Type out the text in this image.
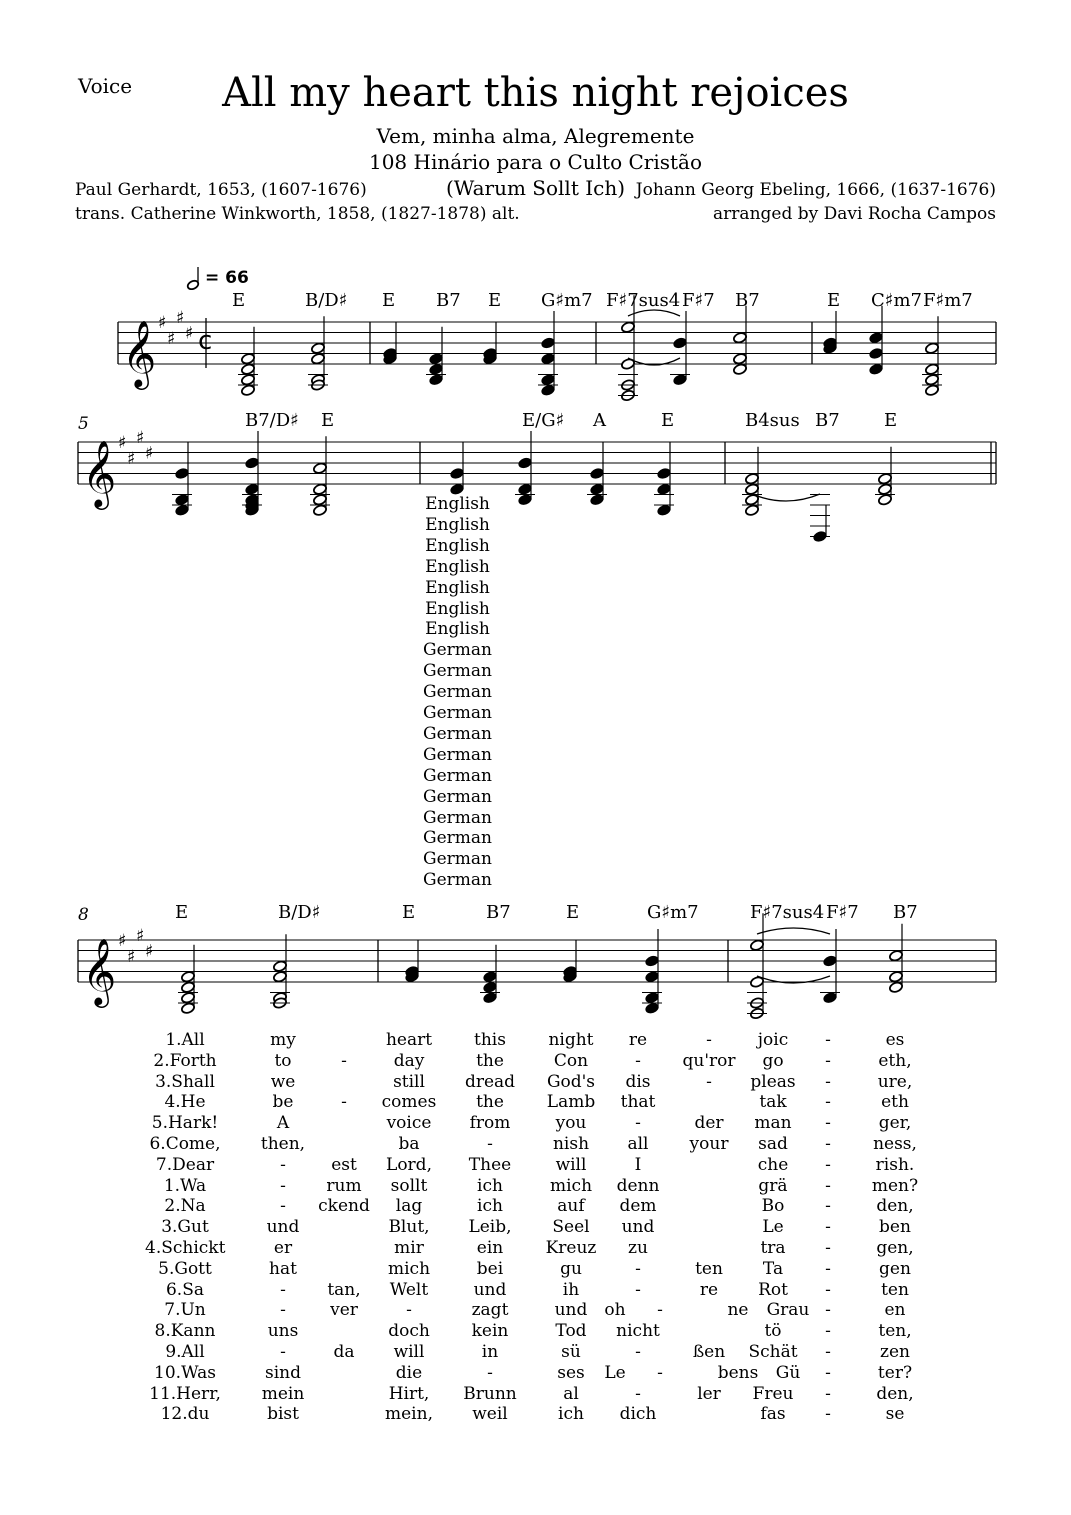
Voice	All my heart this night rejoices
Vem, minha alma, Alegremente
108 Hinário para o Culto Cristão
(Warum Sollt Ich)
Paul Gerhardt, 1653, (1607-1676)
trans. Catherine Winkworth, 1858, (1827-1878) alt.
Johann Georg Ebeling, 1666, (1637-1676)
arranged by Davi Rocha Campos
= 66
E	B/D♯ E B7 E G♯m7 F♯7sus4 F♯7 B7	E C♯m7 F♯m7
B7/D♯ E	E/G♯ A	E	B4sus B7 E
E	B/D♯	E	B7	E	G♯m7	F♯7sus4 F♯7 B7
5
8
𝄞 ♯
♯
♯
♯ c
𝄞 ♯
♯
♯
♯
𝄞 ♯
♯
♯
♯
English
English
English
English
English
English
English
German
German
German
German
German
German
German
German
German
German
German
German
1.All	my	heart	this	night	re	-	joic	-	es
2.Forth	to	-	day	the	Con	-	qu'ror	go	-	eth,
3.Shall	we	still	dread	God's	dis	-	pleas	-	ure,
4.He	be	-	comes	the	Lamb	that	tak	-	eth
5.Hark!	A	voice	from	you	-	der	man	-	ger,
6.Come,	then,	ba	-	nish	all	your	sad	-	ness,
7.Dear	-	est	Lord,	Thee	will	I	che	-	rish.
1.Wa	-	rum	sollt	ich	mich	denn	grä	-	men?
2.Na	-	ckend	lag	ich	auf	dem	Bo	-	den,
3.Gut	und	Blut,	Leib,	Seel	und	Le	-	ben
4.Schickt	er	mir	ein	Kreuz	zu	tra	-	gen,
5.Gott	hat	mich	bei	gu	-	ten	Ta	-	gen
6.Sa	-	tan,	Welt	und	ih	-	re	Rot	-	ten
7.Un	-	ver	-	zagt	und	oh	-	ne	Grau -	en
8.Kann	uns	doch	kein	Tod	nicht	tö	-	ten,
9.All	-	da	will	in	sü	-	ßen	Schät	-	zen
10.Was	sind	die	-	ses	Le	-	bens	Gü	-	ter?
11.Herr,	mein	Hirt,	Brunn	al	-	ler	Freu	-	den,
12.du	bist	mein,	weil	ich	dich	fas	-	se
